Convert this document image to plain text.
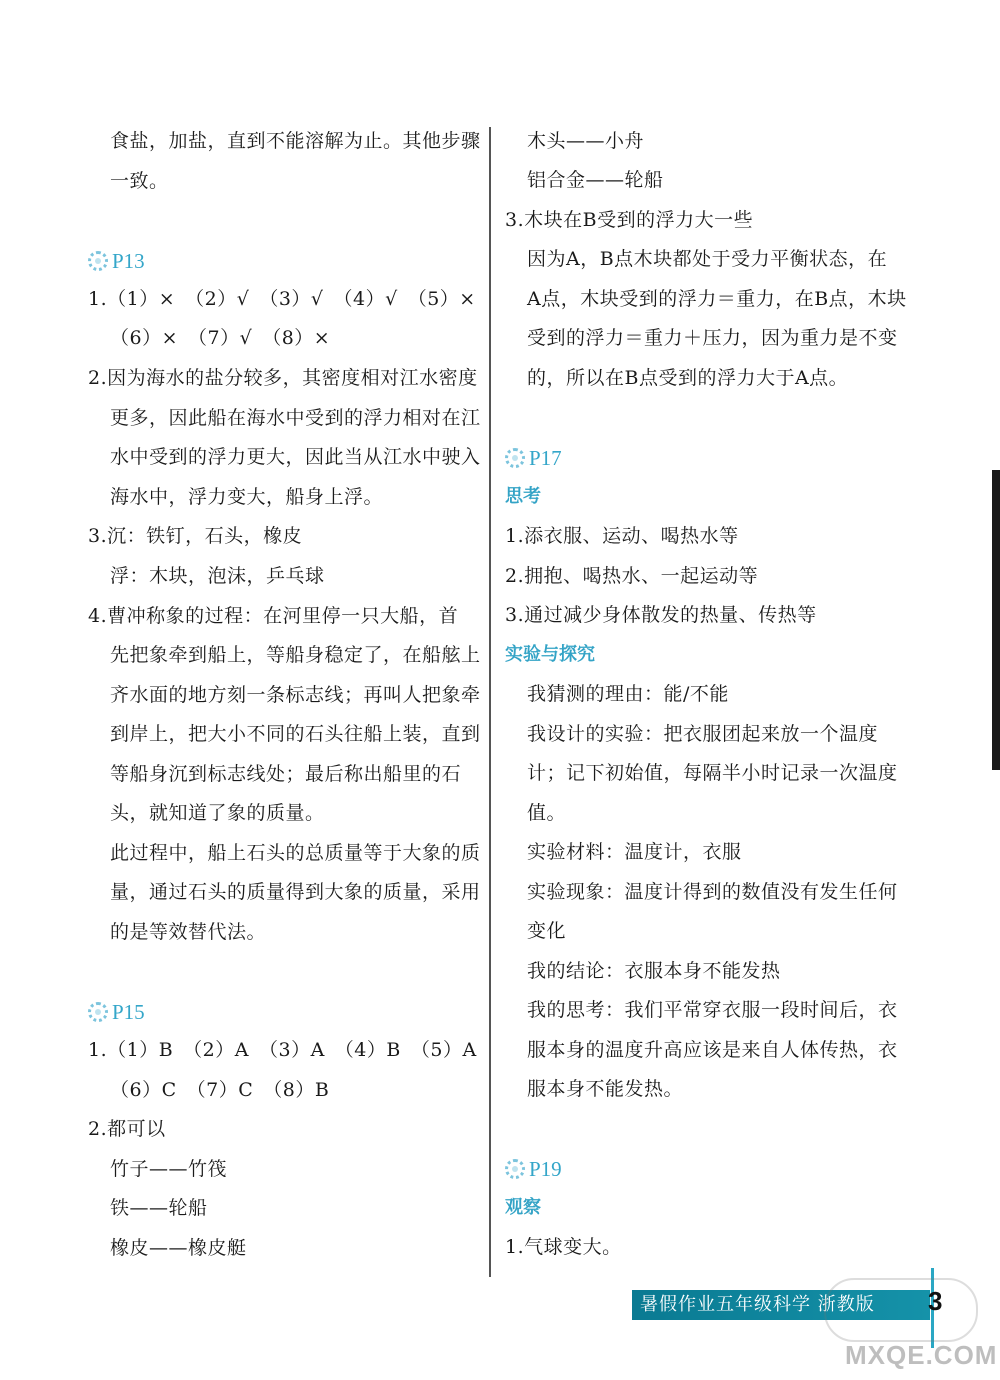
食盐，加盐，直到不能溶解为止。其他步骤
一致。
P13
1.（1）×　（2）√　（3）√　（4）√　（5）×
（6）×　（7）√　（8）×
2.因为海水的盐分较多，其密度相对江水密度
更多，因此船在海水中受到的浮力相对在江
水中受到的浮力更大，因此当从江水中驶入
海水中，浮力变大，船身上浮。
3.沉：铁钉，石头，橡皮
浮：木块，泡沫，乒乓球
4.曹冲称象的过程：在河里停一只大船，首
先把象牵到船上，等船身稳定了，在船舷上
齐水面的地方刻一条标志线；再叫人把象牵
到岸上，把大小不同的石头往船上装，直到
等船身沉到标志线处；最后称出船里的石
头，就知道了象的质量。
此过程中，船上石头的总质量等于大象的质
量，通过石头的质量得到大象的质量，采用
的是等效替代法。
P15
1.（1）B　（2）A　（3）A　（4）B　（5）A
（6）C　（7）C　（8）B
2.都可以
竹子——竹筏
铁——轮船
橡皮——橡皮艇
木头——小舟
铝合金——轮船
3.木块在B受到的浮力大一些
因为A，B点木块都处于受力平衡状态，在
A点，木块受到的浮力＝重力，在B点，木块
受到的浮力＝重力＋压力，因为重力是不变
的，所以在B点受到的浮力大于A点。
P17
思考
1.添衣服、运动、喝热水等
2.拥抱、喝热水、一起运动等
3.通过减少身体散发的热量、传热等
实验与探究
我猜测的理由：能/不能
我设计的实验：把衣服团起来放一个温度
计；记下初始值，每隔半小时记录一次温度
值。
实验材料：温度计，衣服
实验现象：温度计得到的数值没有发生任何
变化
我的结论：衣服本身不能发热
我的思考：我们平常穿衣服一段时间后，衣
服本身的温度升高应该是来自人体传热，衣
服本身不能发热。
P19
观察
1.气球变大。
暑假作业五年级科学 浙教版 3
MXQE.COM
